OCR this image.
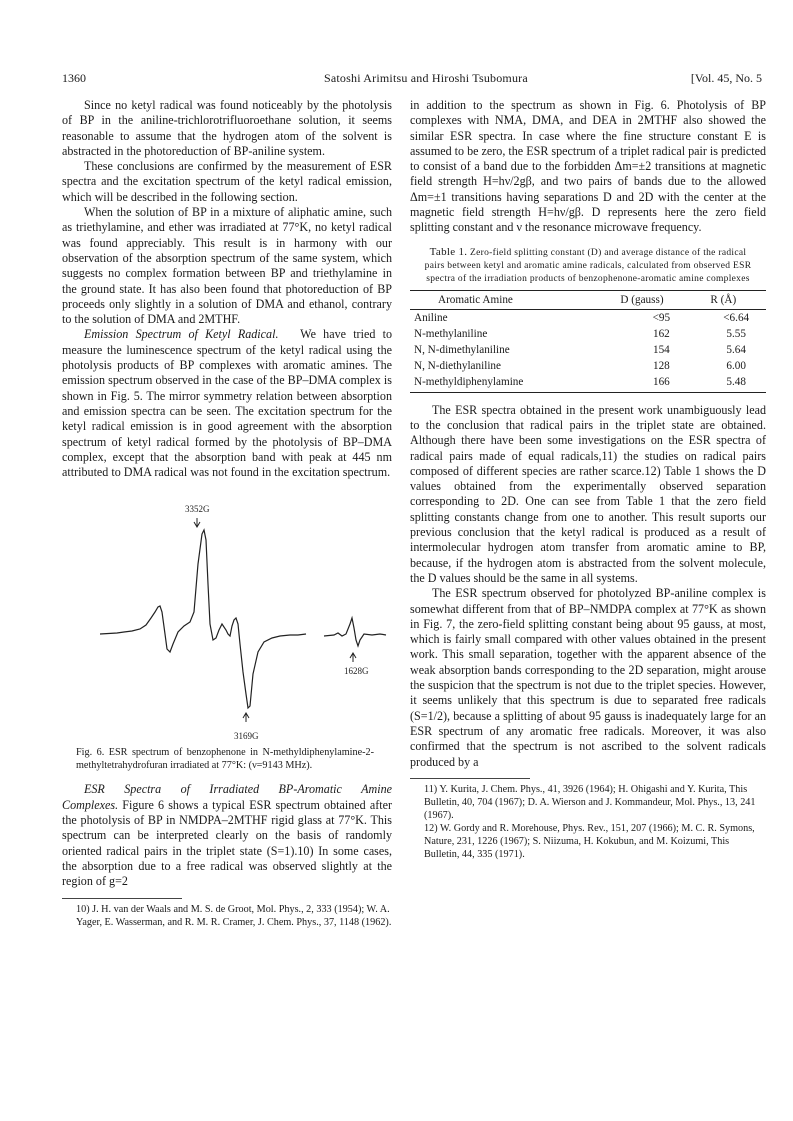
1360	Satoshi Arimitsu and Hiroshi Tsubomura	[Vol. 45, No. 5

Since no ketyl radical was found noticeably by the photolysis of BP in the aniline-trichlorotrifluoroethane solution, it seems reasonable to assume that the hydrogen atom of the solvent is abstracted in the photoreduction of BP-aniline system.

These conclusions are confirmed by the measurement of ESR spectra and the excitation spectrum of the ketyl radical emission, which will be described in the following section.

When the solution of BP in a mixture of aliphatic amine, such as triethylamine, and ether was irradiated at 77°K, no ketyl radical was found appreciably. This result is in harmony with our observation of the absorption spectrum of the same system, which suggests no complex formation between BP and triethylamine in the ground state. It has also been found that photoreduction of BP proceeds only slightly in a solution of DMA and ethanol, contrary to the solution of DMA and 2MTHF.

Emission Spectrum of Ketyl Radical. We have tried to measure the luminescence spectrum of the ketyl radical using the photolysis products of BP complexes with aromatic amines. The emission spectrum observed in the case of the BP–DMA complex is shown in Fig. 5. The mirror symmetry relation between absorption and emission spectra can be seen. The excitation spectrum for the ketyl radical emission is in good agreement with the absorption spectrum of ketyl radical formed by the photolysis of BP–DMA complex, except that the absorption band with peak at 445 nm attributed to DMA radical was not found in the excitation spectrum.

3352G
3169G
1628G
Fig. 6. ESR spectrum of benzophenone in N-methyldiphenylamine-2-methyltetrahydrofuran irradiated at 77°K: (ν=9143 MHz).

ESR Spectra of Irradiated BP-Aromatic Amine Complexes. Figure 6 shows a typical ESR spectrum obtained after the photolysis of BP in NMDPA–2MTHF rigid glass at 77°K. This spectrum can be interpreted clearly on the basis of randomly oriented radical pairs in the triplet state (S=1).10) In some cases, the absorption due to a free radical was observed slightly at the region of g=2

10) J. H. van der Waals and M. S. de Groot, Mol. Phys., 2, 333 (1954); W. A. Yager, E. Wasserman, and R. M. R. Cramer, J. Chem. Phys., 37, 1148 (1962).

in addition to the spectrum as shown in Fig. 6. Photolysis of BP complexes with NMA, DMA, and DEA in 2MTHF also showed the similar ESR spectra. In case where the fine structure constant E is assumed to be zero, the ESR spectrum of a triplet radical pair is predicted to consist of a band due to the forbidden Δm=±2 transitions at magnetic field strength H=hν/2gβ, and two pairs of bands due to the allowed Δm=±1 transitions having separations D and 2D with the center at the magnetic field strength H=hν/gβ. D represents here the zero field splitting constant and ν the resonance microwave frequency.

Table 1. Zero-field splitting constant (D) and average distance of the radical pairs between ketyl and aromatic amine radicals, calculated from observed ESR spectra of the irradiation products of benzophenone-aromatic amine complexes
Aromatic Amine	D (gauss)	R (Å)
Aniline	<95	<6.64
N-methylaniline	162	5.55
N, N-dimethylaniline	154	5.64
N, N-diethylaniline	128	6.00
N-methyldiphenylamine	166	5.48

The ESR spectra obtained in the present work unambiguously lead to the conclusion that radical pairs in the triplet state are obtained. Although there have been some investigations on the ESR spectra of radical pairs made of equal radicals,11) the studies on radical pairs composed of different species are rather scarce.12) Table 1 shows the D values obtained from the experimentally observed separation corresponding to 2D. One can see from Table 1 that the zero field splitting constants change from one to another. This result suports our previous conclusion that the ketyl radical is produced as a result of intermolecular hydrogen atom transfer from aromatic amine to BP, because, if the hydrogen atom is abstracted from the solvent molecule, the D values should be the same in all systems.

The ESR spectrum observed for photolyzed BP-aniline complex is somewhat different from that of BP–NMDPA complex at 77°K as shown in Fig. 7, the zero-field splitting constant being about 95 gauss, at most, which is fairly small compared with other values obtained in the present work. This small separation, together with the apparent absence of the weak absorption bands corresponding to the 2D separation, might arouse the suspicion that the spectrum is not due to the triplet species. However, it seems unlikely that this spectrum is due to separated free radicals (S=1/2), because a splitting of about 95 gauss is inadequately large for an ESR spectrum of any aromatic free radicals. Moreover, it was also confirmed that the spectrum is not ascribed to the solvent radicals produced by a

11) Y. Kurita, J. Chem. Phys., 41, 3926 (1964); H. Ohigashi and Y. Kurita, This Bulletin, 40, 704 (1967); D. A. Wierson and J. Kommandeur, Mol. Phys., 13, 241 (1967).

12) W. Gordy and R. Morehouse, Phys. Rev., 151, 207 (1966); M. C. R. Symons, Nature, 231, 1226 (1967); S. Niizuma, H. Kokubun, and M. Koizumi, This Bulletin, 44, 335 (1971).
